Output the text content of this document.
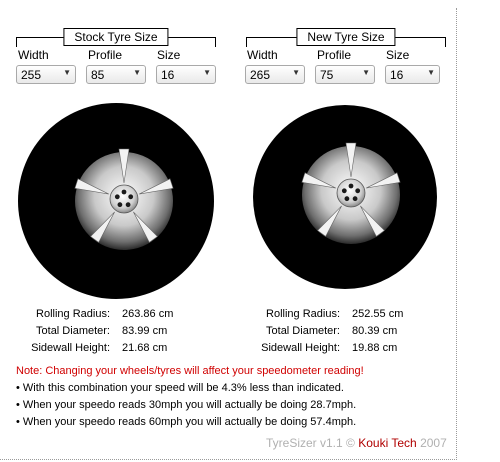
Stock Tyre Size
Width	Profile	Size
255	▼ 85	▼ 16	▼
New Tyre Size
Width	Profile	Size
265	▼ 75	▼ 16	▼
Rolling Radius: 263.86 cm
Total Diameter: 83.99 cm
Sidewall Height: 21.68 cm
Rolling Radius: 252.55 cm
Total Diameter: 80.39 cm
Sidewall Height: 19.88 cm
Note: Changing your wheels/tyres will affect your speedometer reading!
• With this combination your speed will be 4.3% less than indicated.
• When your speedo reads 30mph you will actually be doing 28.7mph.
• When your speedo reads 60mph you will actually be doing 57.4mph.
TyreSizer v1.1 © Kouki Tech 2007
